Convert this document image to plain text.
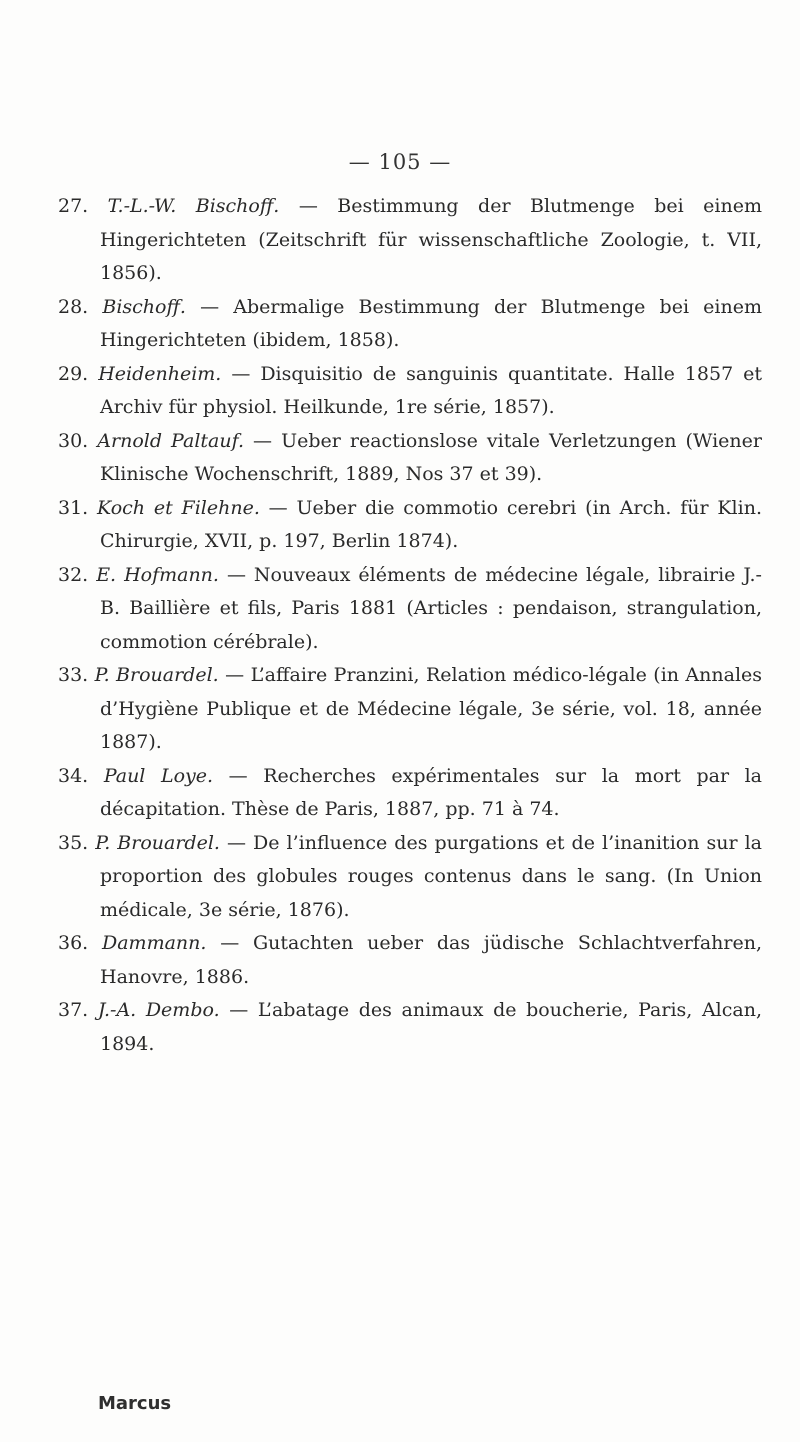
— 105 —

27. T.-L.-W. Bischoff. — Bestimmung der Blutmenge bei einem Hingerichteten (Zeitschrift für wissenschaftliche Zoologie, t. VII, 1856).

28. Bischoff. — Abermalige Bestimmung der Blutmenge bei einem Hingerichteten (ibidem, 1858).

29. Heidenheim. — Disquisitio de sanguinis quantitate. Halle 1857 et Archiv für physiol. Heilkunde, 1re série, 1857).

30. Arnold Paltauf. — Ueber reactionslose vitale Verletzungen (Wiener Klinische Wochenschrift, 1889, Nos 37 et 39).

31. Koch et Filehne. — Ueber die commotio cerebri (in Arch. für Klin. Chirurgie, XVII, p. 197, Berlin 1874).

32. E. Hofmann. — Nouveaux éléments de médecine légale, librairie J.-B. Baillière et fils, Paris 1881 (Articles : pendaison, strangulation, commotion cérébrale).

33. P. Brouardel. — L’affaire Pranzini, Relation médico-légale (in Annales d’Hygiène Publique et de Médecine légale, 3e série, vol. 18, année 1887).

34. Paul Loye. — Recherches expérimentales sur la mort par la décapitation. Thèse de Paris, 1887, pp. 71 à 74.

35. P. Brouardel. — De l’influence des purgations et de l’inanition sur la proportion des globules rouges contenus dans le sang. (In Union médicale, 3e série, 1876).

36. Dammann. — Gutachten ueber das jüdische Schlachtverfahren, Hanovre, 1886.

37. J.-A. Dembo. — L’abatage des animaux de boucherie, Paris, Alcan, 1894.

Marcus
